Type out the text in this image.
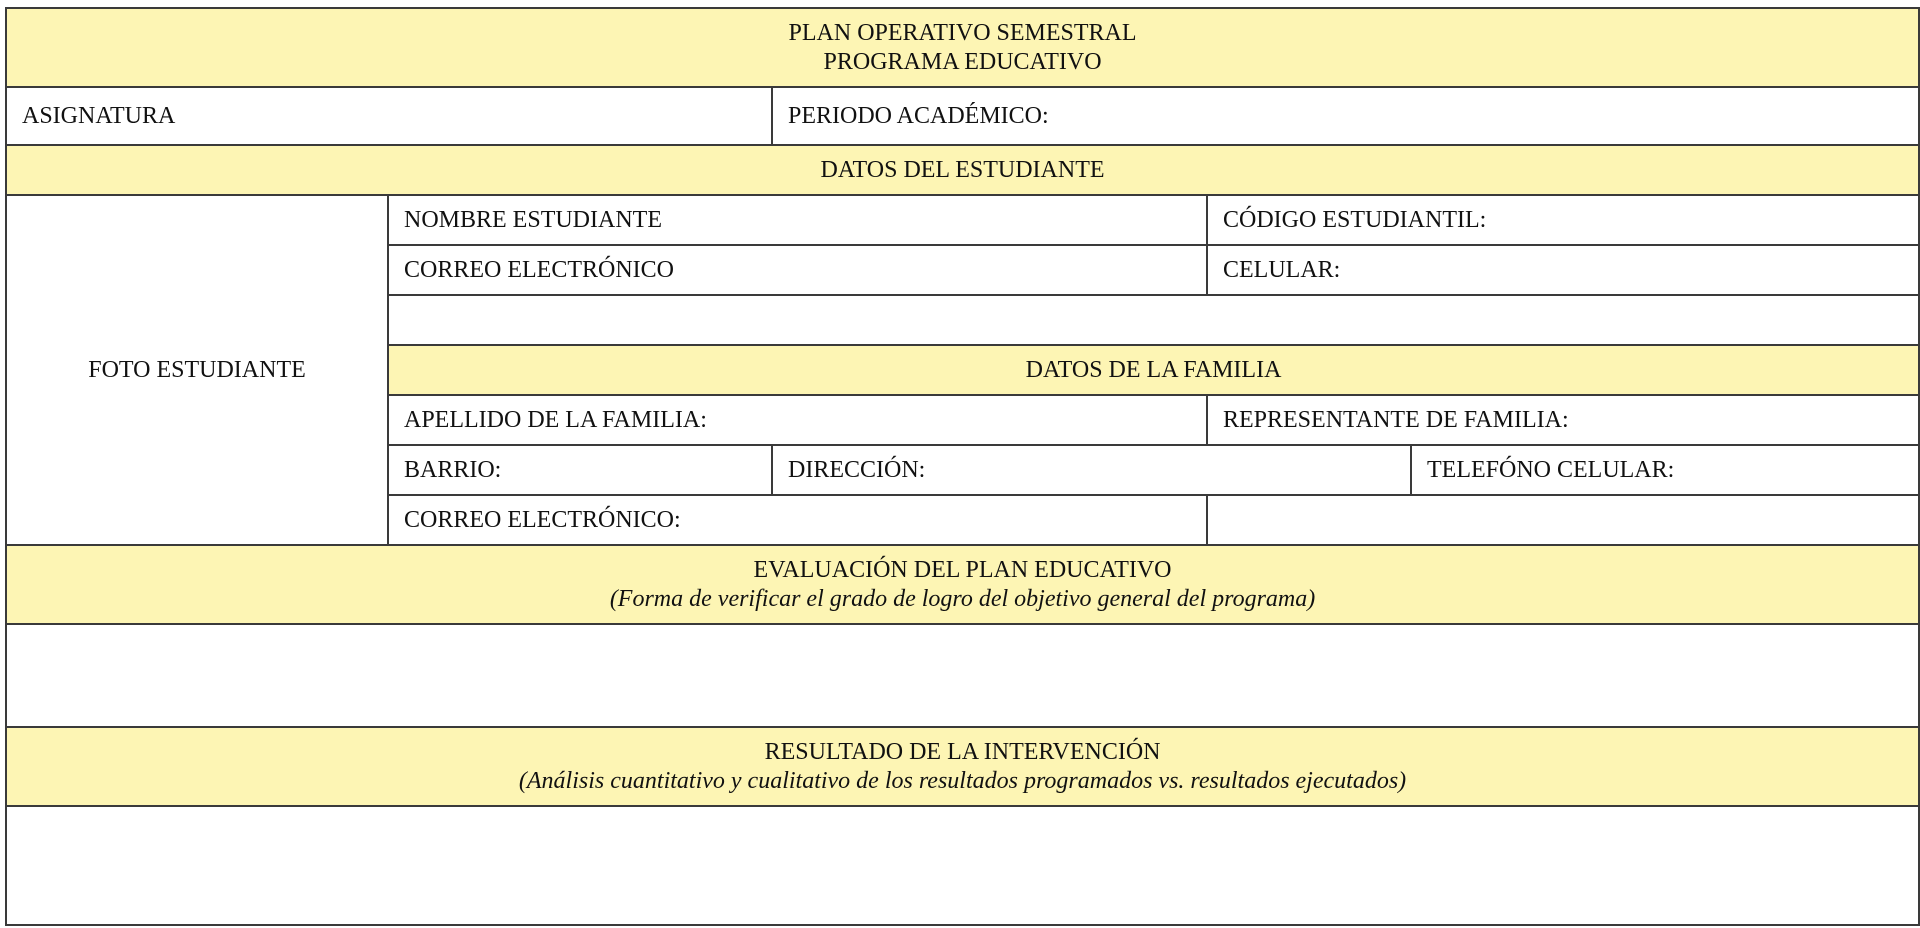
PLAN OPERATIVO SEMESTRAL
PROGRAMA EDUCATIVO				

ASIGNATURA		PERIODO ACADÉMICO:		
DATOS DEL ESTUDIANTE				
FOTO ESTUDIANTE	NOMBRE ESTUDIANTE		CÓDIGO ESTUDIANTIL:	
	CORREO ELECTRÓNICO		CELULAR:	

	DATOS DE LA FAMILIA			
	APELLIDO DE LA FAMILIA:		REPRESENTANTE DE FAMILIA:	
	BARRIO:	DIRECCIÓN:		TELEFÓNO CELULAR:
	CORREO ELECTRÓNICO:			

EVALUACIÓN DEL PLAN EDUCATIVO
(Forma de verificar el grado de logro del objetivo general del programa)				

RESULTADO DE LA INTERVENCIÓN
(Análisis cuantitativo y cualitativo de los resultados programados vs. resultados ejecutados)				
